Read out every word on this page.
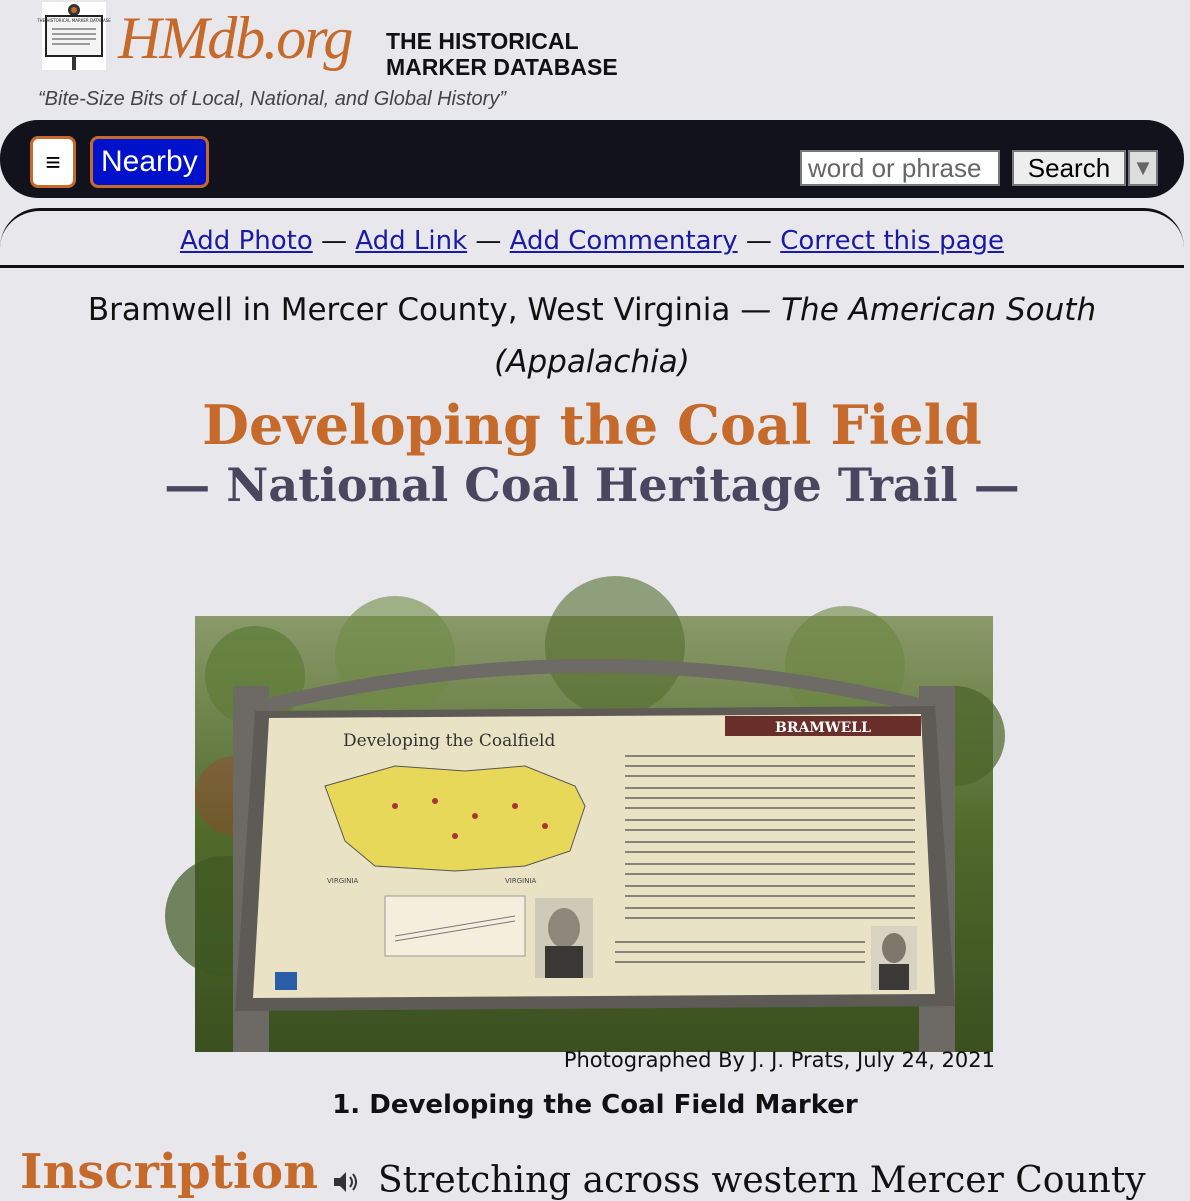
THE HISTORICAL MARKER DATABASE HMdb.org THE HISTORICAL
MARKER DATABASE
“Bite-Size Bits of Local, National, and Global History”
≡	Nearby	word or phrase	Search ▼
Add Photo — Add Link — Add Commentary — Correct this page
Bramwell in Mercer County, West Virginia — The American South (Appalachia)
Developing the Coal Field
— National Coal Heritage Trail —
BRAMWELL
Developing the Coalfield
VIRGINIA	VIRGINIA
Photographed By J. J. Prats, July 24, 2021
1. Developing the Coal Field Marker
Inscription Stretching across western Mercer County
